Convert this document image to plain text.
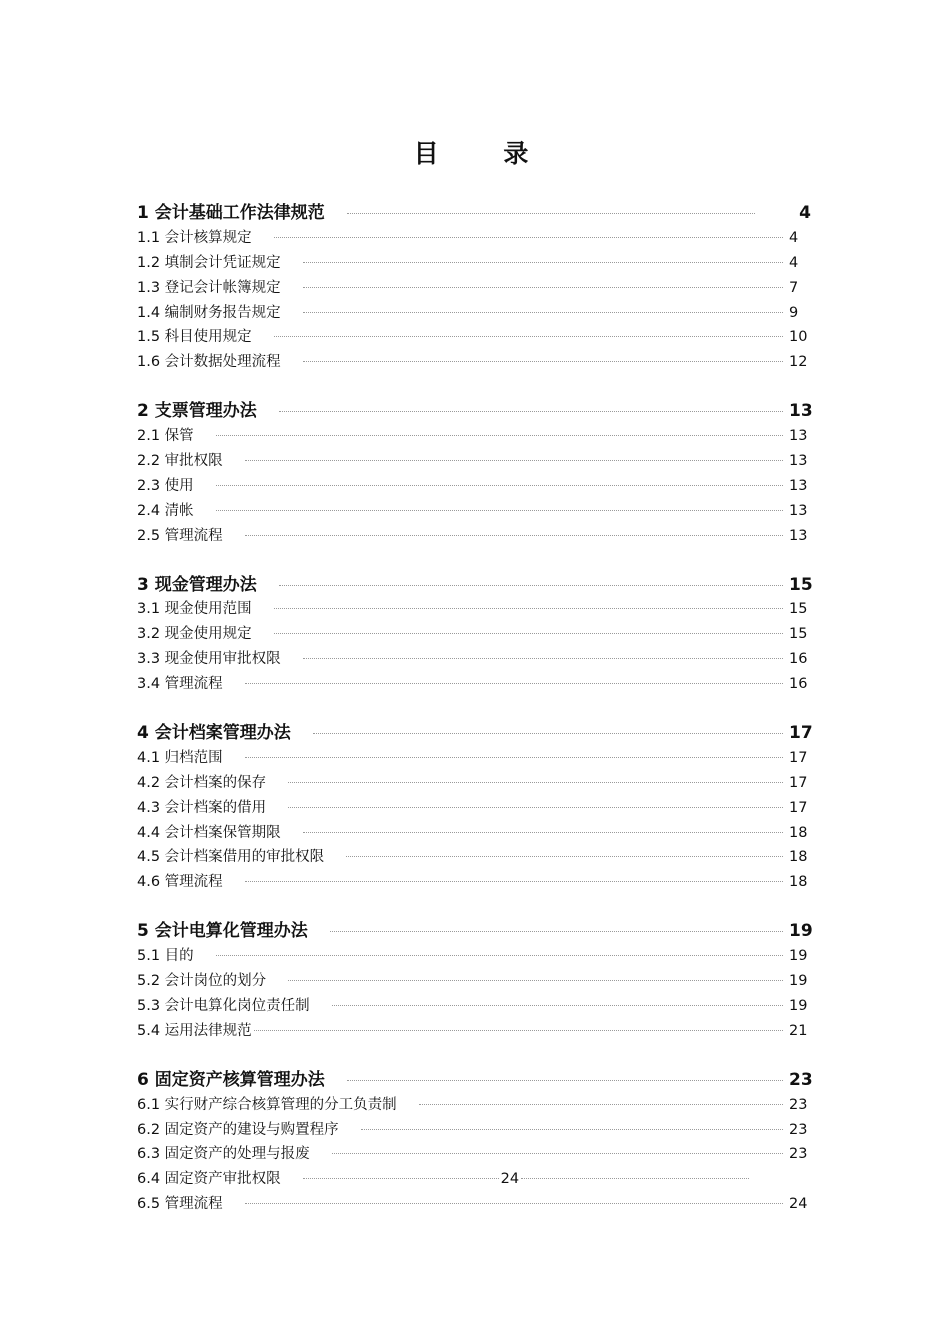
目 录
1 会计基础工作法律规范	4
1.1 会计核算规定	4
1.2 填制会计凭证规定	4
1.3 登记会计帐簿规定	7
1.4 编制财务报告规定	9
1.5 科目使用规定	10
1.6 会计数据处理流程	12
2 支票管理办法	13
2.1 保管	13
2.2 审批权限	13
2.3 使用	13
2.4 清帐	13
2.5 管理流程	13
3 现金管理办法	15
3.1 现金使用范围	15
3.2 现金使用规定	15
3.3 现金使用审批权限	16
3.4 管理流程	16
4 会计档案管理办法	17
4.1 归档范围	17
4.2 会计档案的保存	17
4.3 会计档案的借用	17
4.4 会计档案保管期限	18
4.5 会计档案借用的审批权限	18
4.6 管理流程	18
5 会计电算化管理办法	19
5.1 目的	19
5.2 会计岗位的划分	19
5.3 会计电算化岗位责任制	19
5.4 运用法律规范	21
6 固定资产核算管理办法	23
6.1 实行财产综合核算管理的分工负责制	23
6.2 固定资产的建设与购置程序	23
6.3 固定资产的处理与报废	23
6.4 固定资产审批权限	24
6.5 管理流程	24
